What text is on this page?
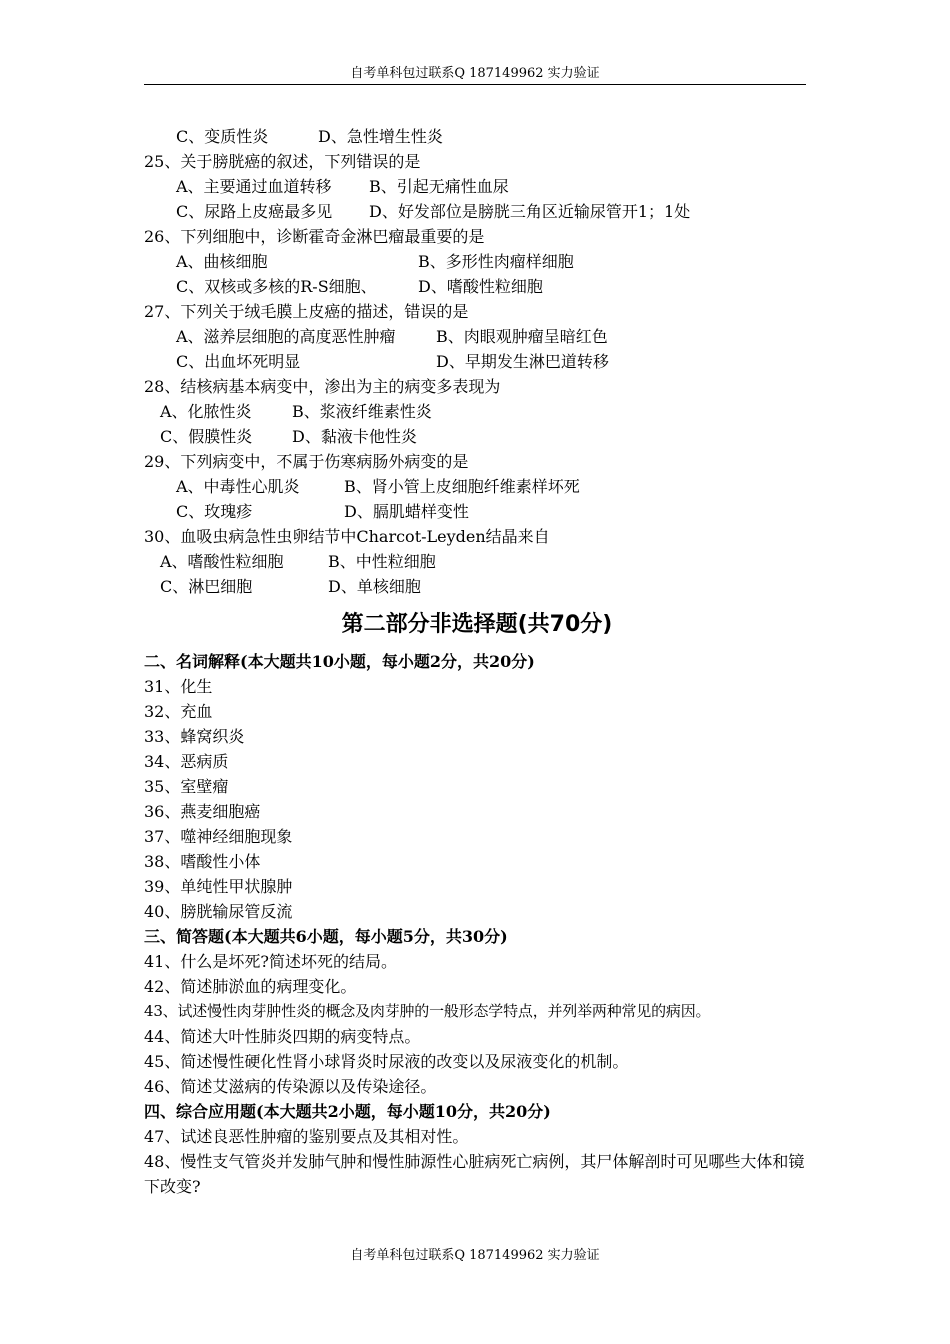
自考单科包过联系Q 187149962 实力验证
C、变质性炎	D、急性增生性炎
25、关于膀胱癌的叙述，下列错误的是
A、主要通过血道转移	B、引起无痛性血尿
C、尿路上皮癌最多见	D、好发部位是膀胱三角区近输尿管开1；1处
26、下列细胞中，诊断霍奇金淋巴瘤最重要的是
A、曲核细胞	B、多形性肉瘤样细胞
C、双核或多核的R-S细胞、	D、嗜酸性粒细胞
27、下列关于绒毛膜上皮癌的描述，错误的是
A、滋养层细胞的高度恶性肿瘤	B、肉眼观肿瘤呈暗红色
C、出血坏死明显	D、早期发生淋巴道转移
28、结核病基本病变中，渗出为主的病变多表现为
A、化脓性炎	B、浆液纤维素性炎
C、假膜性炎	D、黏液卡他性炎
29、下列病变中，不属于伤寒病肠外病变的是
A、中毒性心肌炎	B、肾小管上皮细胞纤维素样坏死
C、玫瑰疹	D、膈肌蜡样变性
30、血吸虫病急性虫卵结节中Charcot-Leyden结晶来自
A、嗜酸性粒细胞	B、中性粒细胞
C、淋巴细胞	D、单核细胞
第二部分非选择题(共70分)
二、名词解释(本大题共10小题，每小题2分，共20分)
31、化生
32、充血
33、蜂窝织炎
34、恶病质
35、室壁瘤
36、燕麦细胞癌
37、噬神经细胞现象
38、嗜酸性小体
39、单纯性甲状腺肿
40、膀胱输尿管反流
三、简答题(本大题共6小题，每小题5分，共30分)
41、什么是坏死?简述坏死的结局。
42、简述肺淤血的病理变化。
43、试述慢性肉芽肿性炎的概念及肉芽肿的一般形态学特点，并列举两种常见的病因。
44、简述大叶性肺炎四期的病变特点。
45、简述慢性硬化性肾小球肾炎时尿液的改变以及尿液变化的机制。
46、简述艾滋病的传染源以及传染途径。
四、综合应用题(本大题共2小题，每小题10分，共20分)
47、试述良恶性肿瘤的鉴别要点及其相对性。
48、慢性支气管炎并发肺气肿和慢性肺源性心脏病死亡病例，其尸体解剖时可见哪些大体和镜下改变?
自考单科包过联系Q 187149962 实力验证
